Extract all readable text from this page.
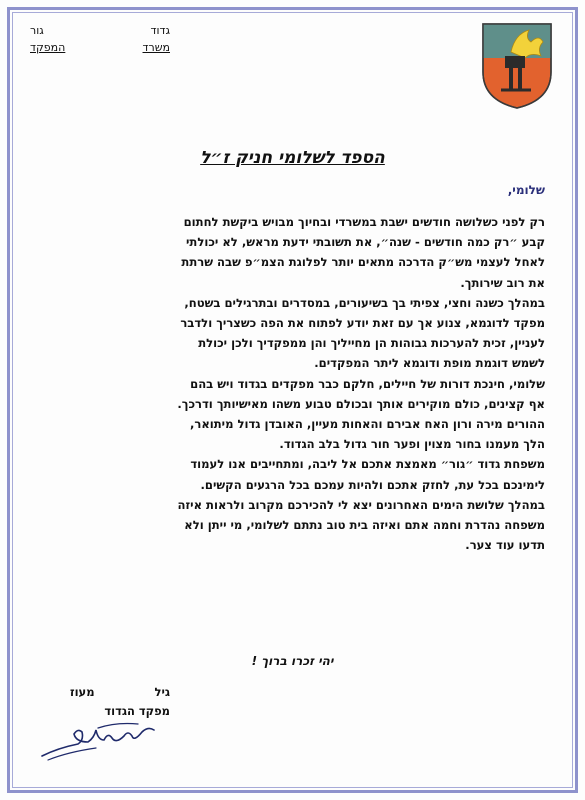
גדוד
גור
משרד
המפקד
הספד לשלומי חניק ז״ל
שלומי,
רק לפני כשלושה חודשים ישבת במשרדי ובחיוך מבויש ביקשת לחתום
קבע ״רק כמה חודשים - שנה״, את תשובתי ידעת מראש, לא יכולתי
לאחל לעצמי מש״ק הדרכה מתאים יותר לפלוגת הצמ״פ שבה שרתת
את רוב שירותך.
במהלך כשנה וחצי, צפיתי בך בשיעורים, במסדרים ובתרגילים בשטח,
מפקד לדוגמא, צנוע אך עם זאת יודע לפתוח את הפה כשצריך ולדבר
לעניין, זכית להערכות גבוהות הן מחייליך והן ממפקדיך ולכן יכולת
לשמש דוגמת מופת ודוגמא ליתר המפקדים.
שלומי, חינכת דורות של חיילים, חלקם כבר מפקדים בגדוד ויש בהם
אף קצינים, כולם מוקירים אותך ובכולם טבוע משהו מאישיותך ודרכך.
ההורים מירה ורון האח אבירם והאחות מעיין, האובדן גדול מיתואר,
הלך מעמנו בחור מצוין ופער חור גדול בלב הגדוד.
משפחת גדוד ״גור״ מאמצת אתכם אל ליבה, ומתחייבים אנו לעמוד
לימינכם בכל עת, לחזק אתכם ולהיות עמכם בכל הרגעים הקשים.
במהלך שלושת הימים האחרונים יצא לי להכירכם מקרוב ולראות איזה
משפחה נהדרת וחמה אתם ואיזה בית טוב נתתם לשלומי, מי ייתן ולא
תדעו עוד צער.
יהי זכרו ברוך !
גיל
מעוז
מפקד הגדוד
